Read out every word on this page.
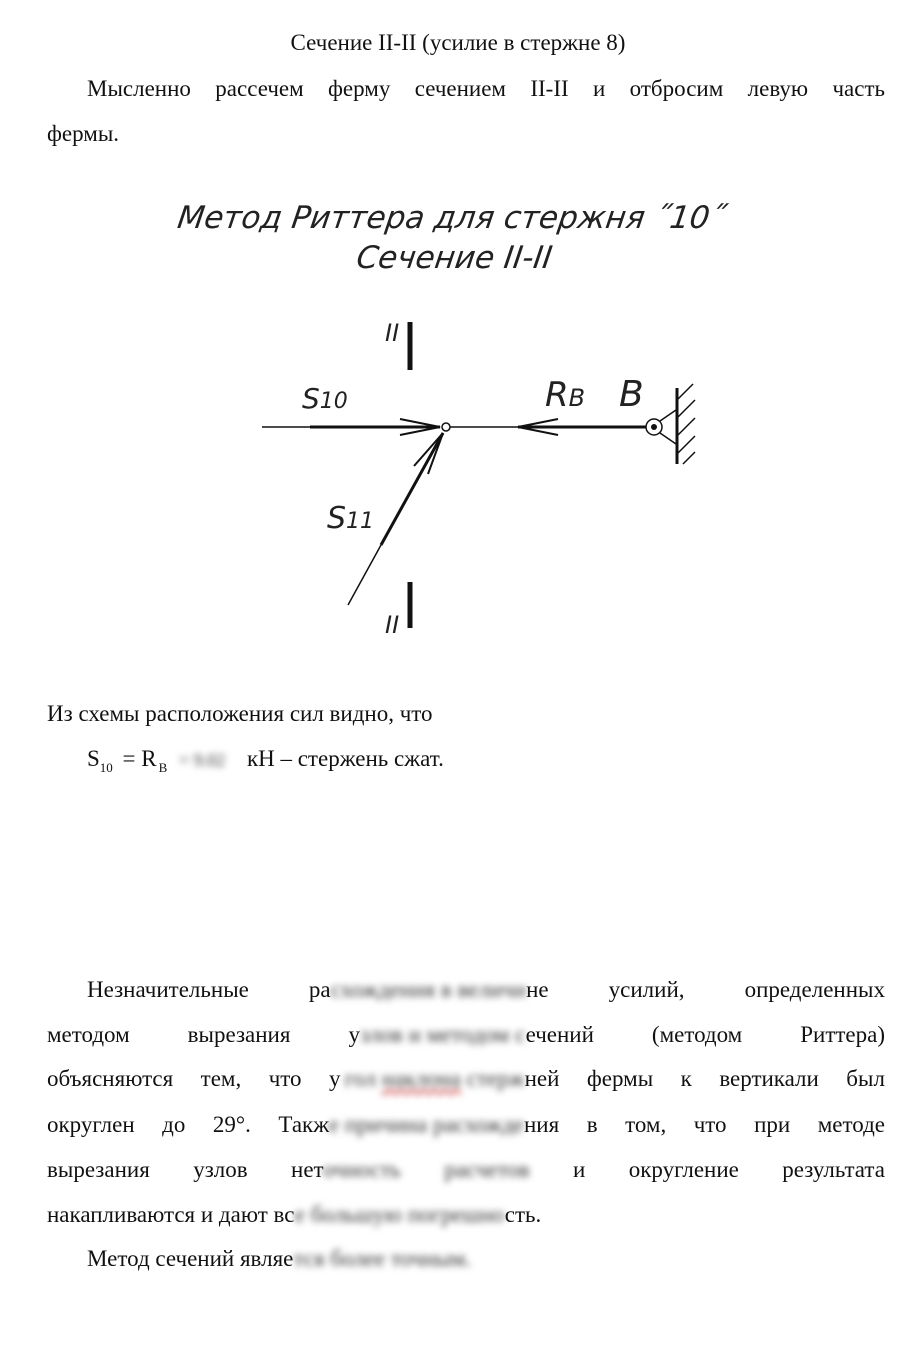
Сечение II-II (усилие в стержне 8)
Мысленно рассечем ферму сечением II-II и отбросим левую часть
фермы.
Метод Риттера для стержня ˝10˝
Сечение II-II
II
II
S10	RB B
S11
Из схемы расположения сил видно, что
$S_{10} = R$ $_В$ = 9.02 кН – стержень сжат.
Незначительные	расхождения в величине	усилий,	определенных
методом	вырезания	узлов и методом сечений	(методом	Риттера)
объясняются тем, что у гол наклона стержней фермы к вертикали был
округлен до 29°. Также причина расхождения в том, что при методе
вырезания узлов неточность расчетов и округление результата
накапливаются и дают все большую погрешность.
Метод сечений является более точным.
